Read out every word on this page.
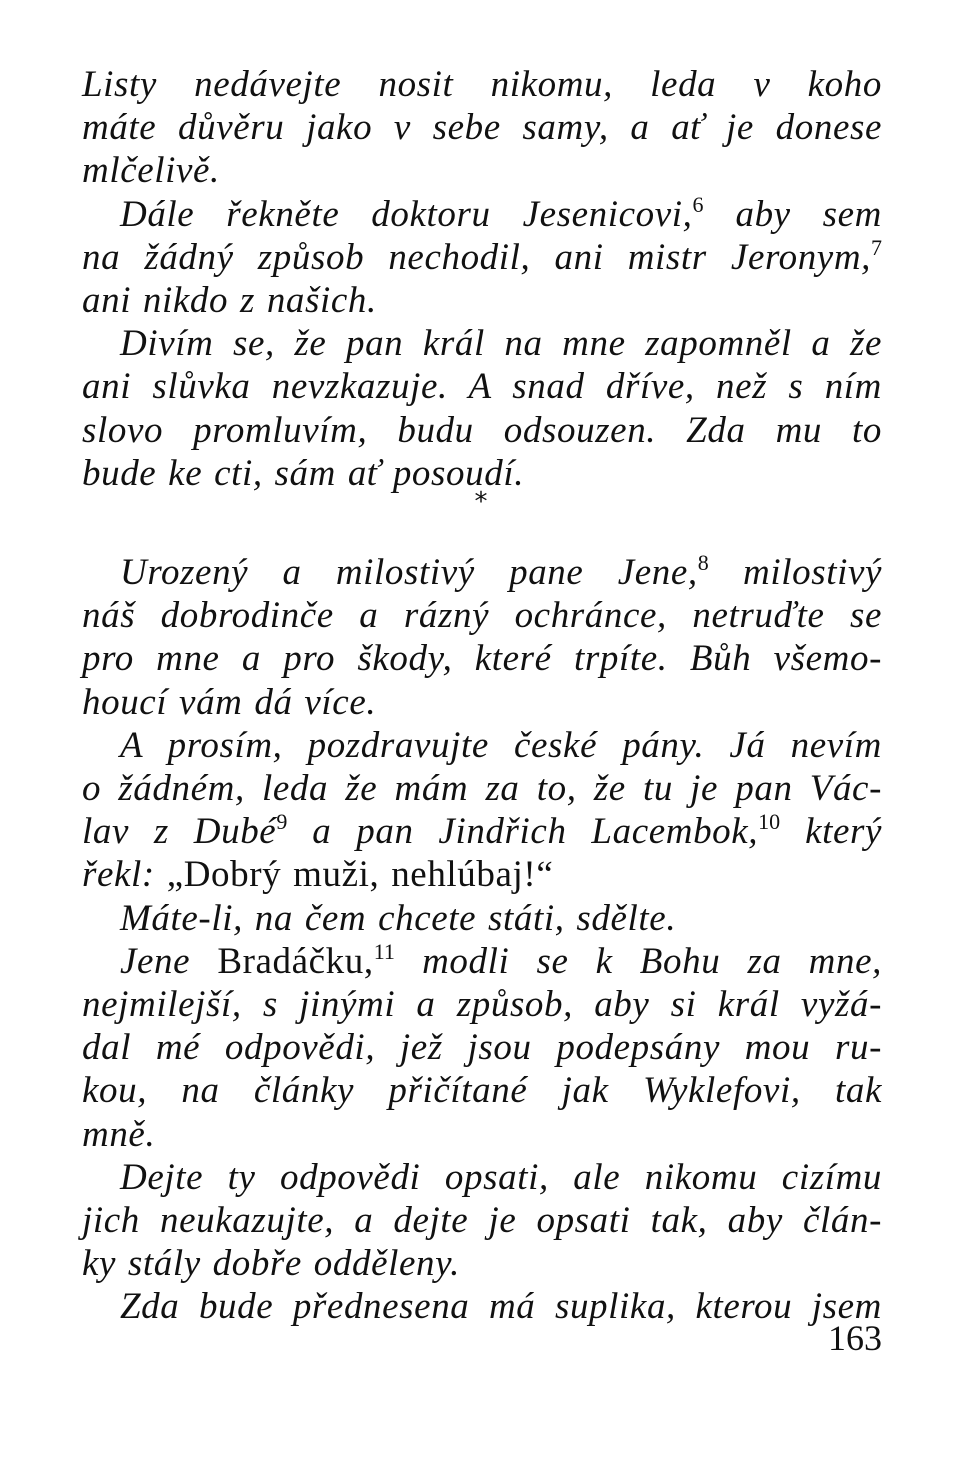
Listy nedávejte nosit nikomu, leda v koho
máte důvěru jako v sebe samy, a ať je donese
mlčelivě.
Dále řekněte doktoru Jesenicovi,$^6$ aby sem
na žádný způsob nechodil, ani mistr Jeronym,$^7$
ani nikdo z našich.
Divím se, že pan král na mne zapomněl a že
ani slůvka nevzkazuje. A snad dříve, než s ním
slovo promluvím, budu odsouzen. Zda mu to
bude ke cti, sám ať posoudí.
*
Urozený a milostivý pane Jene,$^8$ milostivý
náš dobrodinče a rázný ochránce, netruďte se
pro mne a pro škody, které trpíte. Bůh všemo-
houcí vám dá více.
A prosím, pozdravujte české pány. Já nevím
o žádném, leda že mám za to, že tu je pan Vác-
lav z Dubé$^9$ a pan Jindřich Lacembok,$^{10}$ který
řekl: „Dobrý muži, nehlúbaj!“
Máte-li, na čem chcete státi, sdělte.
Jene Bradáčku,$^{11}$ modli se k Bohu za mne,
nejmilejší, s jinými a způsob, aby si král vyžá-
dal mé odpovědi, jež jsou podepsány mou ru-
kou, na články přičítané jak Wyklefovi, tak
mně.
Dejte ty odpovědi opsati, ale nikomu cizímu
jich neukazujte, a dejte je opsati tak, aby člán-
ky stály dobře odděleny.
Zda bude přednesena má suplika, kterou jsem
163
